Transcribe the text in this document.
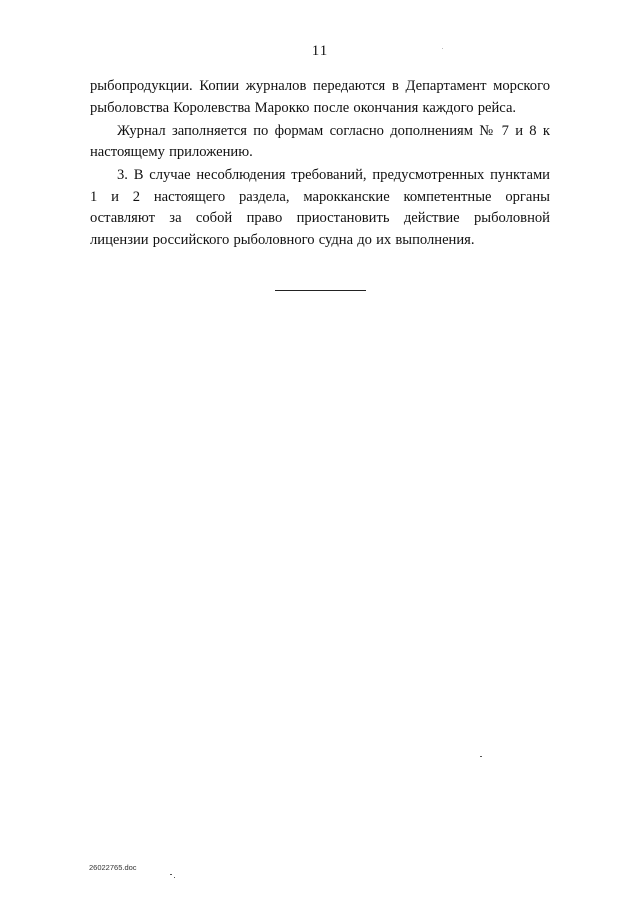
11

рыбопродукции. Копии журналов передаются в Департамент морского рыболовства Королевства Марокко после окончания каждого рейса.

Журнал заполняется по формам согласно дополнениям № 7 и 8 к настоящему приложению.

3. В случае несоблюдения требований, предусмотренных пунктами 1 и 2 настоящего раздела, марокканские компетентные органы оставляют за собой право приостановить действие рыболовной лицензии российского рыболовного судна до их выполнения.

26022765.doc
